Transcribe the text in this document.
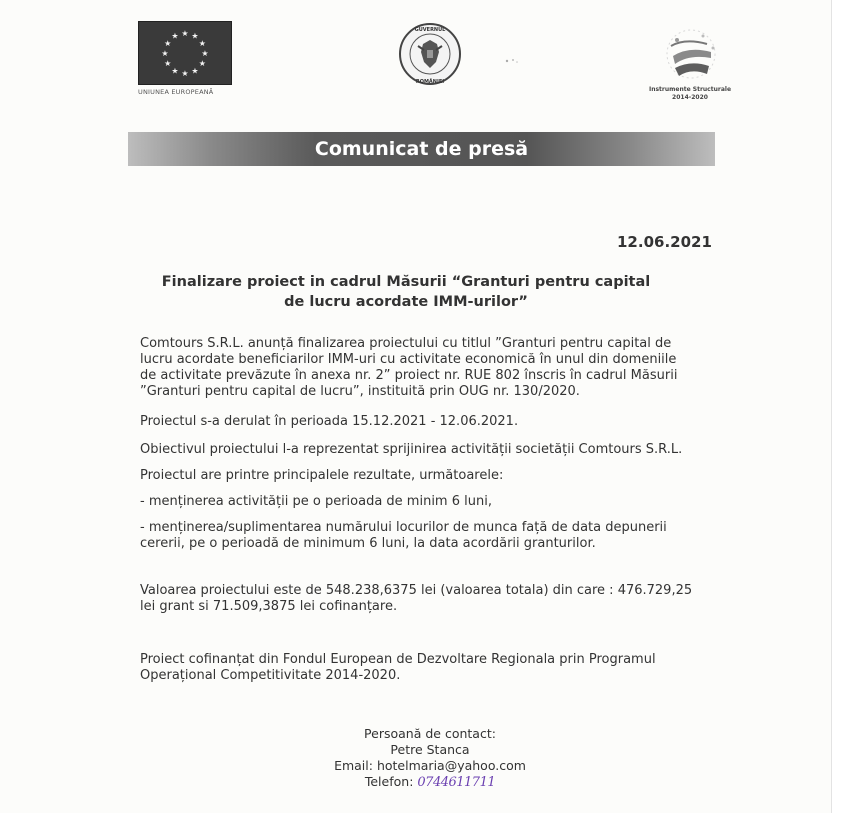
★ ★
★
★
★
★
★
★
★
★
★
★
UNIUNEA EUROPEANĂ
GUVERNUL
ROMÂNIEI
Instrumente Structurale
2014-2020
Comunicat de presă
12.06.2021
Finalizare proiect in cadrul Măsurii “Granturi pentru capital
de lucru acordate IMM-urilor”
Comtours S.R.L. anunță finalizarea proiectului cu titlul ”Granturi pentru capital de
lucru acordate beneficiarilor IMM-uri cu activitate economică în unul din domeniile
de activitate prevăzute în anexa nr. 2” proiect nr. RUE 802 înscris în cadrul Măsurii
”Granturi pentru capital de lucru”, instituită prin OUG nr. 130/2020.
Proiectul s-a derulat în perioada 15.12.2021 - 12.06.2021.
Obiectivul proiectului l-a reprezentat sprijinirea activității societății Comtours S.R.L.
Proiectul are printre principalele rezultate, următoarele:
- menținerea activității pe o perioada de minim 6 luni,
- menținerea/suplimentarea numărului locurilor de munca față de data depunerii
cererii, pe o perioadă de minimum 6 luni, la data acordării granturilor.
Valoarea proiectului este de 548.238,6375 lei (valoarea totala) din care : 476.729,25
lei grant si 71.509,3875 lei cofinanțare.
Proiect cofinanțat din Fondul European de Dezvoltare Regionala prin Programul
Operațional Competitivitate 2014-2020.
Persoană de contact:
Petre Stanca
Email: hotelmaria@yahoo.com
Telefon: 0744611711
